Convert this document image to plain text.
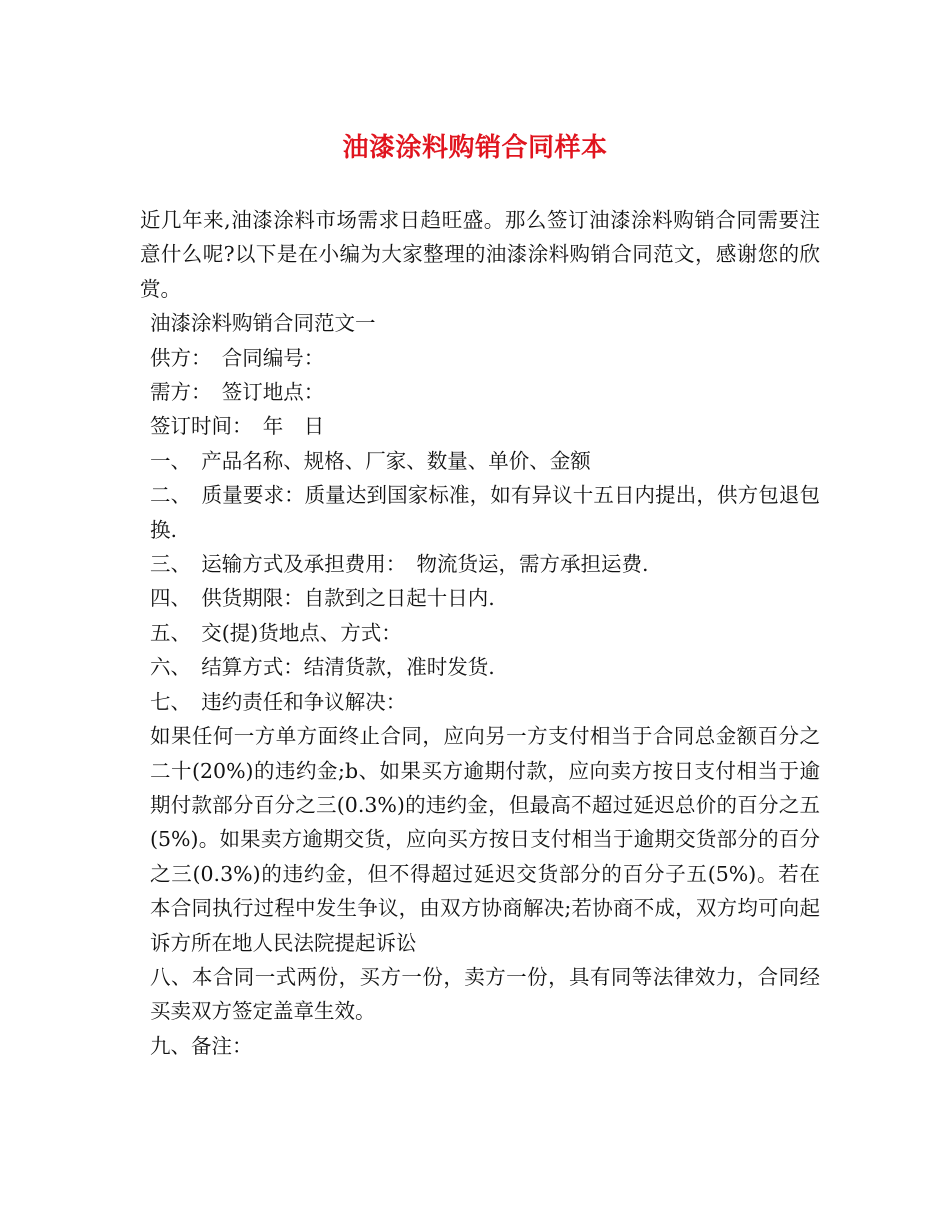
油漆涂料购销合同样本

近几年来,油漆涂料市场需求日趋旺盛。那么签订油漆涂料购销合同需要注意什么呢?以下是在小编为大家整理的油漆涂料购销合同范文，感谢您的欣赏。

油漆涂料购销合同范文一

供方：　合同编号：

需方：　签订地点：

签订时间：　年　日

一、　产品名称、规格、厂家、数量、单价、金额

二、　质量要求：质量达到国家标准，如有异议十五日内提出，供方包退包换.

三、　运输方式及承担费用：　物流货运，需方承担运费.

四、　供货期限：自款到之日起十日内.

五、　交(提)货地点、方式：

六、　结算方式：结清货款，准时发货.

七、　违约责任和争议解决：

如果任何一方单方面终止合同，应向另一方支付相当于合同总金额百分之二十(20%)的违约金;b、如果买方逾期付款，应向卖方按日支付相当于逾期付款部分百分之三(0.3%)的违约金，但最高不超过延迟总价的百分之五(5%)。如果卖方逾期交货，应向买方按日支付相当于逾期交货部分的百分之三(0.3%)的违约金，但不得超过延迟交货部分的百分子五(5%)。若在本合同执行过程中发生争议，由双方协商解决;若协商不成，双方均可向起诉方所在地人民法院提起诉讼

八、本合同一式两份，买方一份，卖方一份，具有同等法律效力，合同经买卖双方签定盖章生效。

九、备注：
